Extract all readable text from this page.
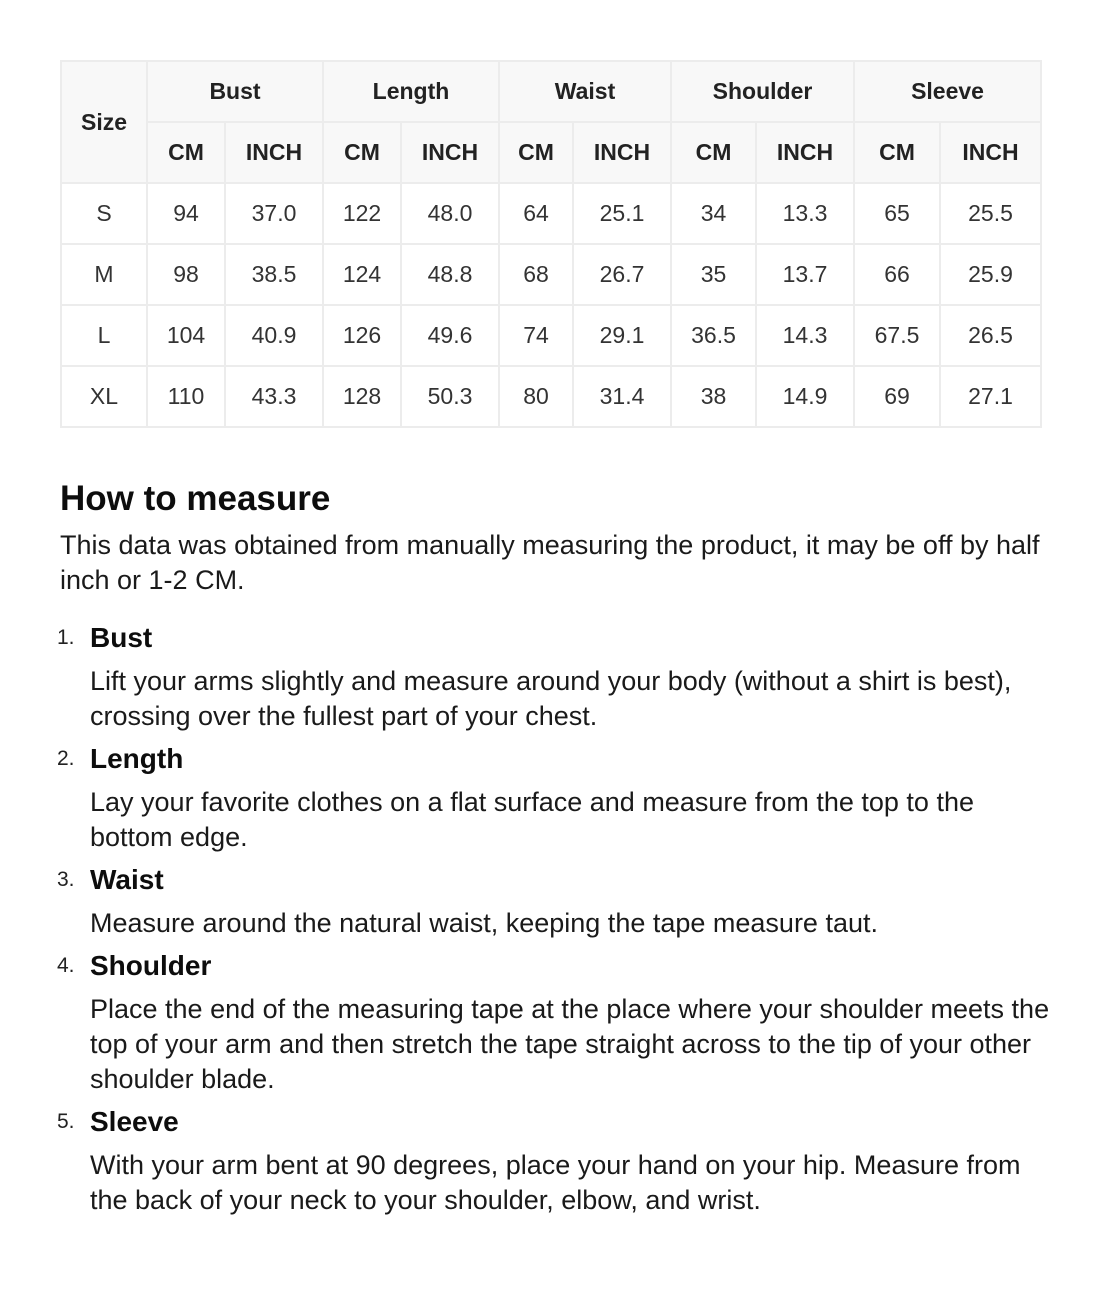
Size	Bust		Length		Waist		Shoulder		Sleeve	
	CM	INCH	CM	INCH	CM	INCH	CM	INCH	CM	INCH
S	94	37.0	122	48.0	64	25.1	34	13.3	65	25.5
M	98	38.5	124	48.8	68	26.7	35	13.7	66	25.9
L	104	40.9	126	49.6	74	29.1	36.5	14.3	67.5	26.5
XL	110	43.3	128	50.3	80	31.4	38	14.9	69	27.1
How to measure

This data was obtained from manually measuring the product, it may be off by half inch or 1-2 CM.

1. Bust
Lift your arms slightly and measure around your body (without a shirt is best), crossing over the fullest part of your chest.
2. Length
Lay your favorite clothes on a flat surface and measure from the top to the bottom edge.
3. Waist
Measure around the natural waist, keeping the tape measure taut.
4. Shoulder
Place the end of the measuring tape at the place where your shoulder meets the top of your arm and then stretch the tape straight across to the tip of your other shoulder blade.
5. Sleeve
With your arm bent at 90 degrees, place your hand on your hip. Measure from the back of your neck to your shoulder, elbow, and wrist.
